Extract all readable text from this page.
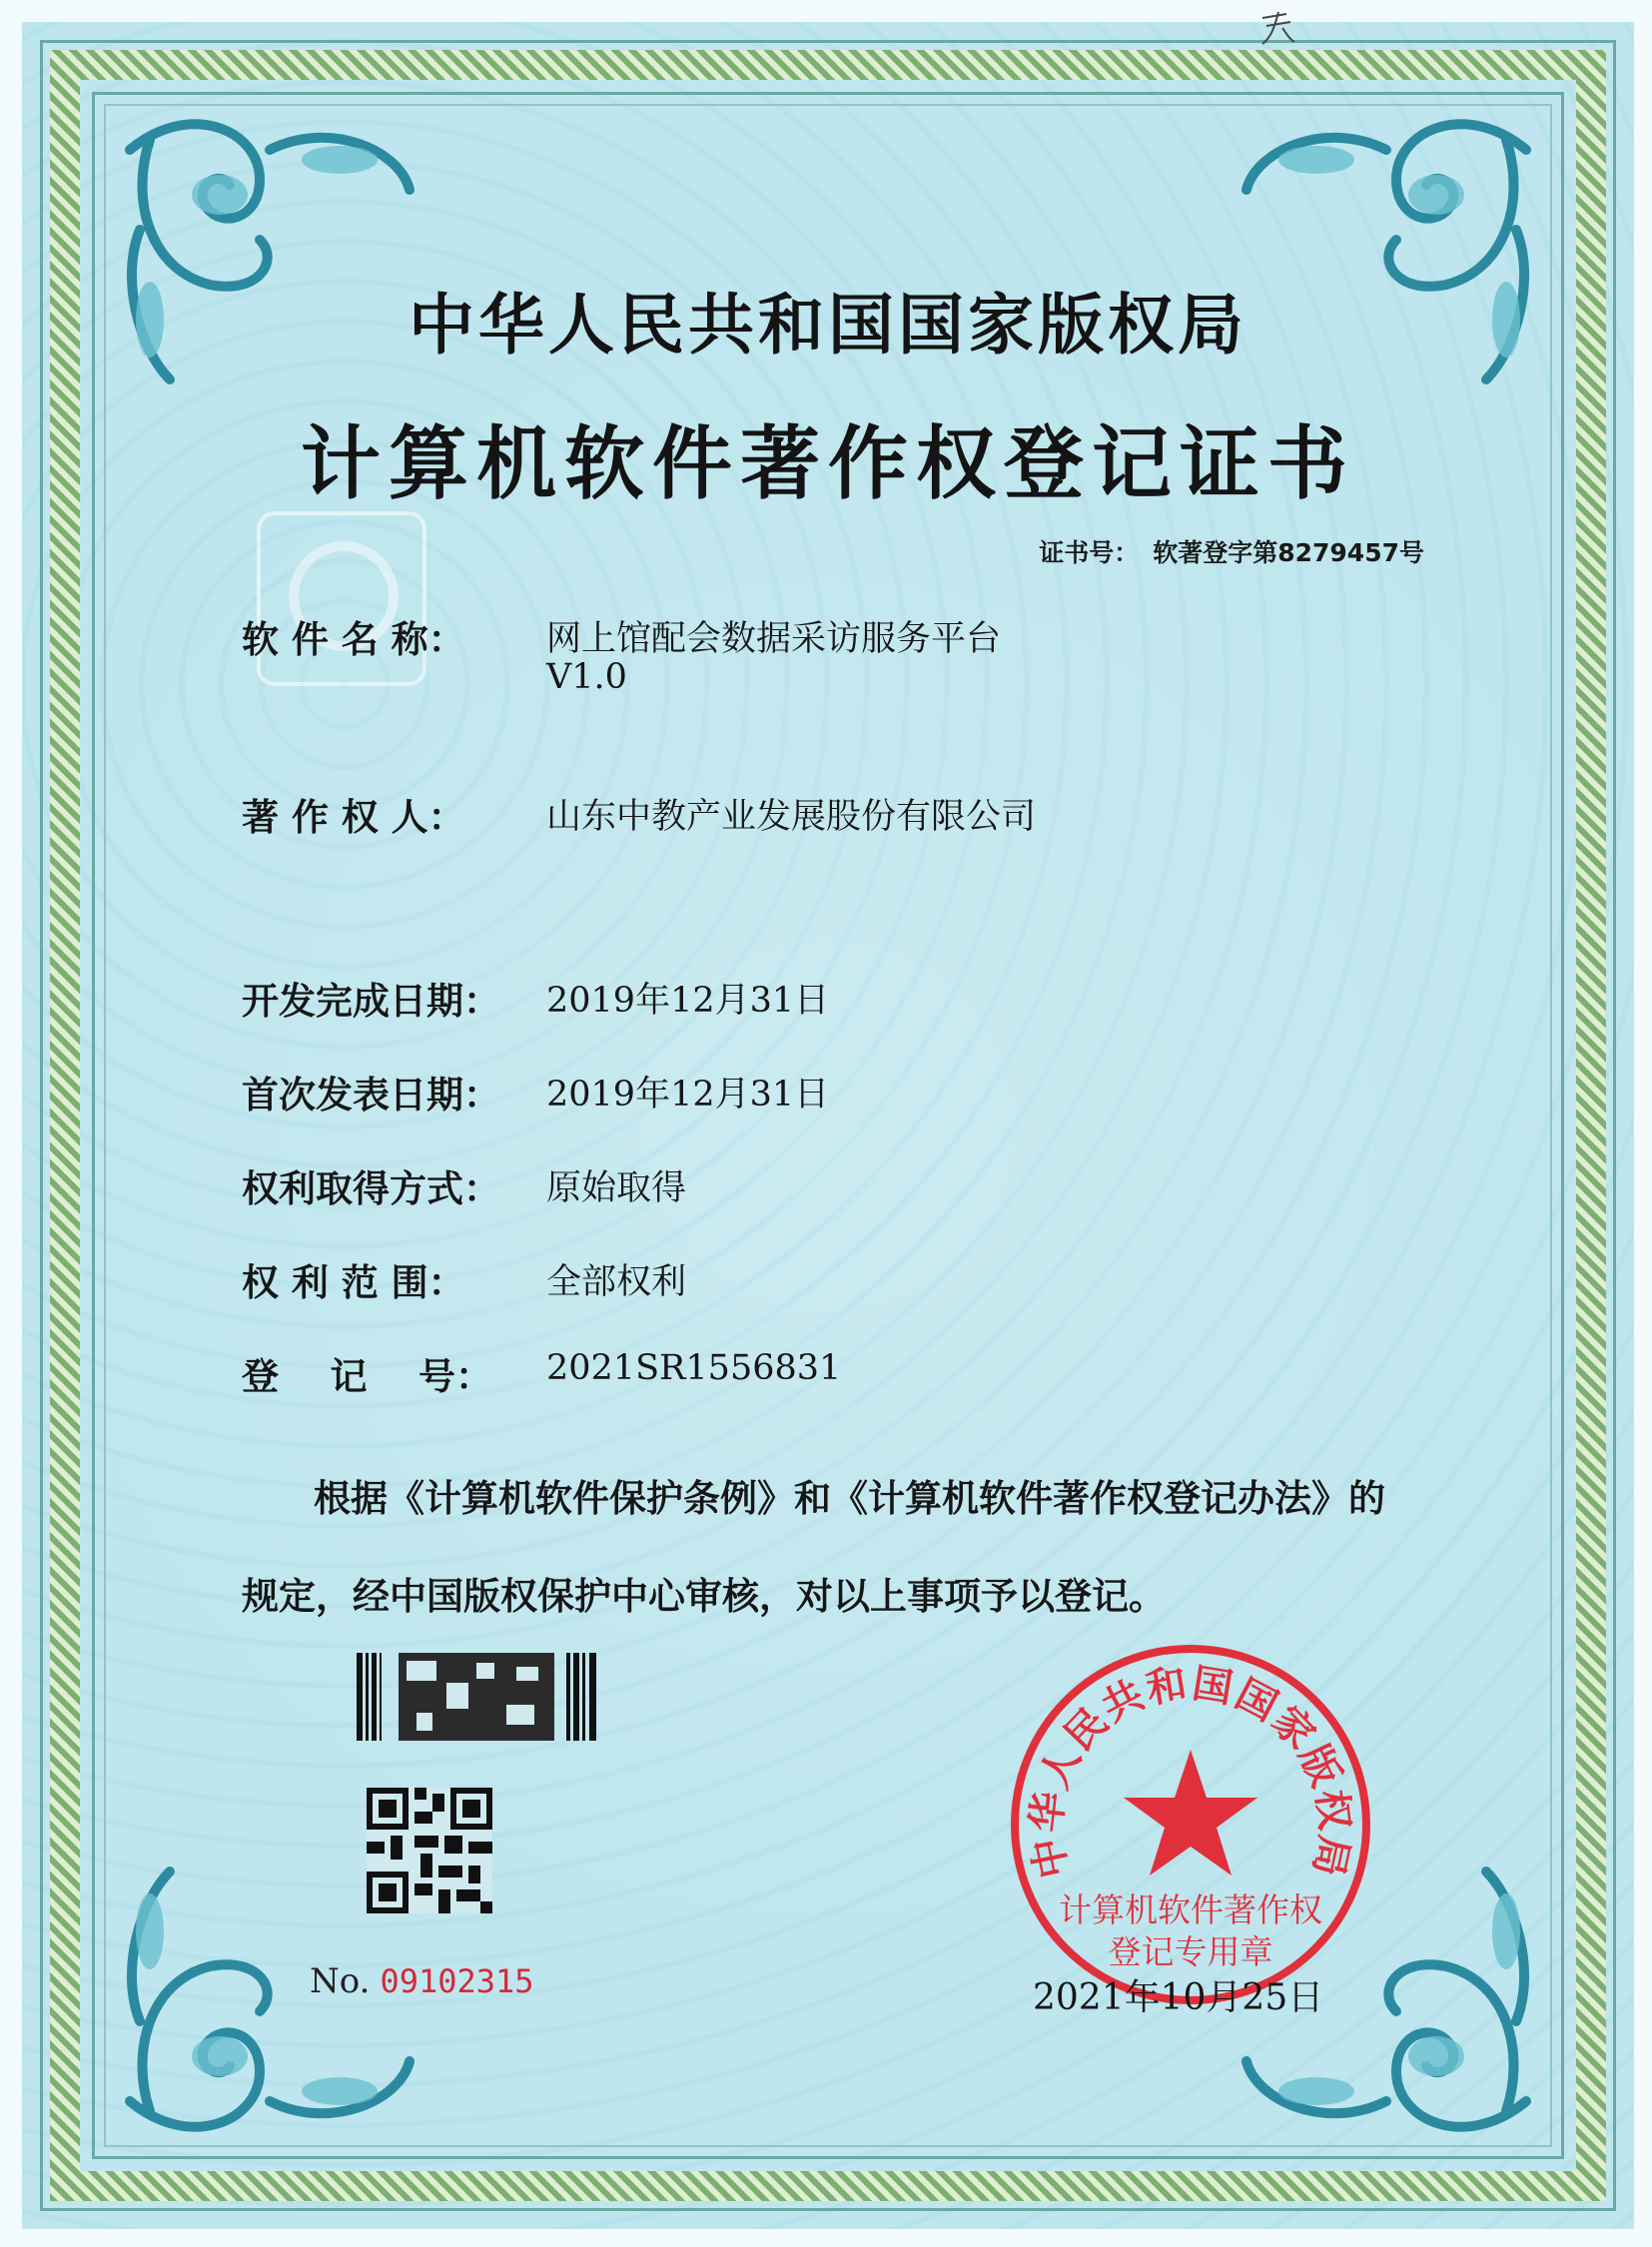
中华人民共和国国家版权局
计算机软件著作权登记证书
证书号： 软著登字第8279457号
软 件 名 称： 网上馆配会数据采访服务平台
V1.0
著 作 权 人： 山东中教产业发展股份有限公司
开发完成日期： 2019年12月31日
首次发表日期： 2019年12月31日
权利取得方式： 原始取得
权 利 范 围： 全部权利
登    记    号： 2021SR1556831
根据《计算机软件保护条例》和《计算机软件著作权登记办法》的
规定，经中国版权保护中心审核，对以上事项予以登记。
No. 09102315
中华人民共和国国家版权局
计算机软件著作权
登记专用章
2021年10月25日
